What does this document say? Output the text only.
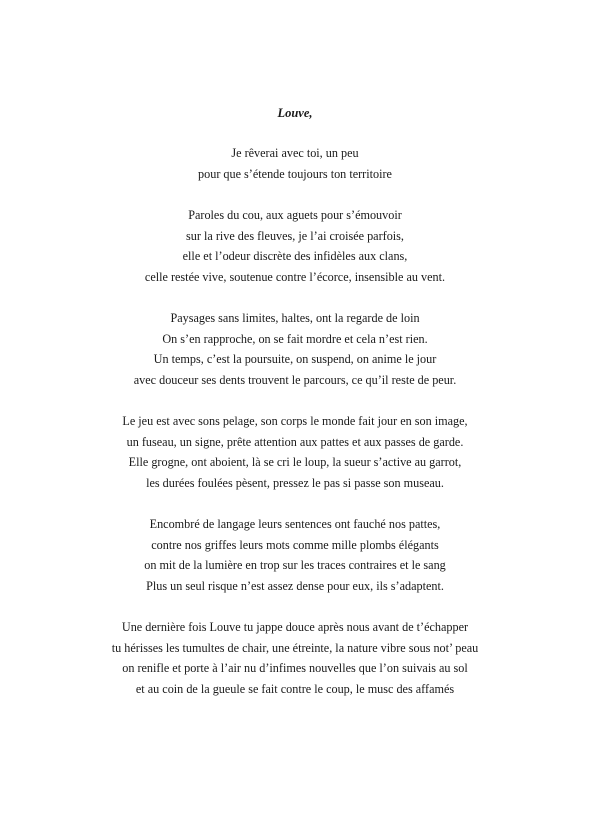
Louve,
Je rêverai avec toi, un peu
pour que s’étende toujours ton territoire
Paroles du cou, aux aguets pour s’émouvoir
sur la rive des fleuves, je l’ai croisée parfois,
elle et l’odeur discrète des infidèles aux clans,
celle restée vive, soutenue contre l’écorce, insensible au vent.
Paysages sans limites, haltes, ont la regarde de loin
On s’en rapproche, on se fait mordre et cela n’est rien.
Un temps, c’est la poursuite, on suspend, on anime le jour
avec douceur ses dents trouvent le parcours, ce qu’il reste de peur.
Le jeu est avec sons pelage, son corps le monde fait jour en son image,
un fuseau, un signe, prête attention aux pattes et aux passes de garde.
Elle grogne, ont aboient, là se cri le loup, la sueur s’active au garrot,
les durées foulées pèsent, pressez le pas si passe son museau.
Encombré de langage leurs sentences ont fauché nos pattes,
contre nos griffes leurs mots comme mille plombs élégants
on mit de la lumière en trop sur les traces contraires et le sang
Plus un seul risque n’est assez dense pour eux, ils s’adaptent.
Une dernière fois Louve tu jappe douce après nous avant de t’échapper
tu hérisses les tumultes de chair, une étreinte, la nature vibre sous not’ peau
on renifle et porte à l’air nu d’infimes nouvelles que l’on suivais au sol
et au coin de la gueule se fait contre le coup, le musc des affamés
